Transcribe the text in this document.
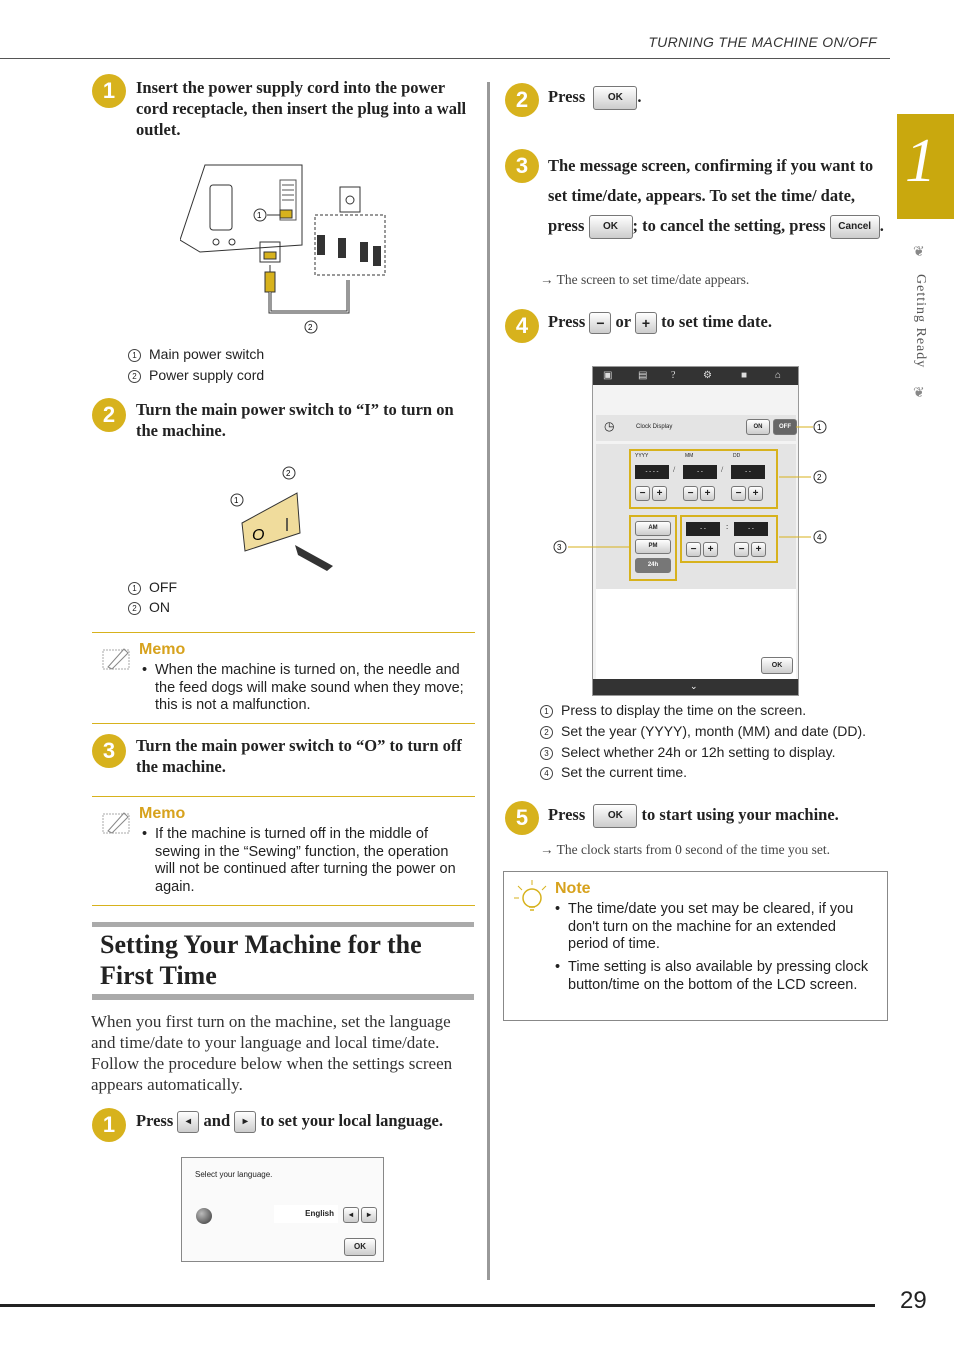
TURNING THE MACHINE ON/OFF
1
❦
Getting Ready
❦
1	Insert the power supply cord into the power cord receptacle, then insert the plug into a wall outlet.
1
2
1 Main power switch
2 Power supply cord
2	Turn the main power switch to “I” to turn on the machine.
2
1
O
1 OFF
2 ON
Memo
• When the machine is turned on, the needle and the feed dogs will make sound when they move; this is not a malfunction.
3	Turn the main power switch to “O” to turn off the machine.
Memo
• If the machine is turned off in the middle of sewing in the “Sewing” function, the operation will not be continued after turning the power on again.
Setting Your Machine for the First Time
When you first turn on the machine, set the language and time/date to your language and local time/date. Follow the procedure below when the settings screen appears automatically.
1	Press ◂ and ▸ to set your local language.
Select your language.
English	◂	▸
OK
2	Press OK .
3	The message screen, confirming if you want to set time/date, appears. To set the time/ date, press OK ; to cancel the setting, press Cancel .
→ The screen to set time/date appears.
4	Press − or + to set time date.
▣	▤ ?	⚙	■	⌂
◷	Clock Display	ON	OFF
YYYY	MM	DD
- - - -	/	- -	/	- -
−	+	−	+	−	+
AM
PM
24h
- -	:	- -
−	+	−	+
OK
⌄
1
2
4
3
1 Press to display the time on the screen.
2 Set the year (YYYY), month (MM) and date (DD).
3 Select whether 24h or 12h setting to display.
4 Set the current time.
5	Press OK to start using your machine.
→ The clock starts from 0 second of the time you set.
Note
• The time/date you set may be cleared, if you don't turn on the machine for an extended period of time.
• Time setting is also available by pressing clock button/time on the bottom of the LCD screen.
29
